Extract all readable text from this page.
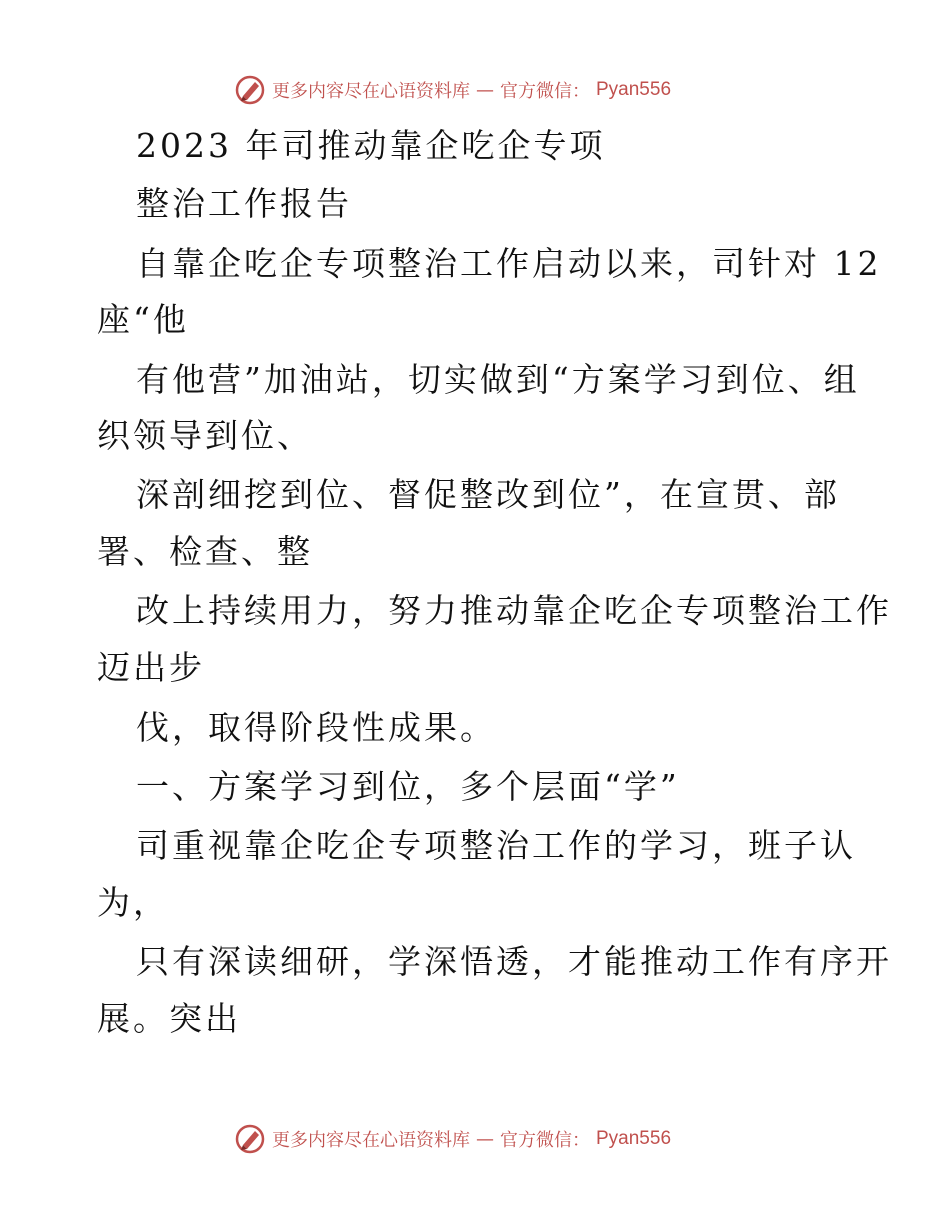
更多内容尽在心语资料库 — 官方微信： Pyan556
2023 年司推动靠企吃企专项
整治工作报告
自靠企吃企专项整治工作启动以来，司针对 12
座“他
有他营”加油站，切实做到“方案学习到位、组
织领导到位、
深剖细挖到位、督促整改到位”，在宣贯、部
署、检查、整
改上持续用力，努力推动靠企吃企专项整治工作
迈出步
伐，取得阶段性成果。
一、方案学习到位，多个层面“学”
司重视靠企吃企专项整治工作的学习，班子认
为，
只有深读细研，学深悟透，才能推动工作有序开
展。突出
更多内容尽在心语资料库 — 官方微信： Pyan556
